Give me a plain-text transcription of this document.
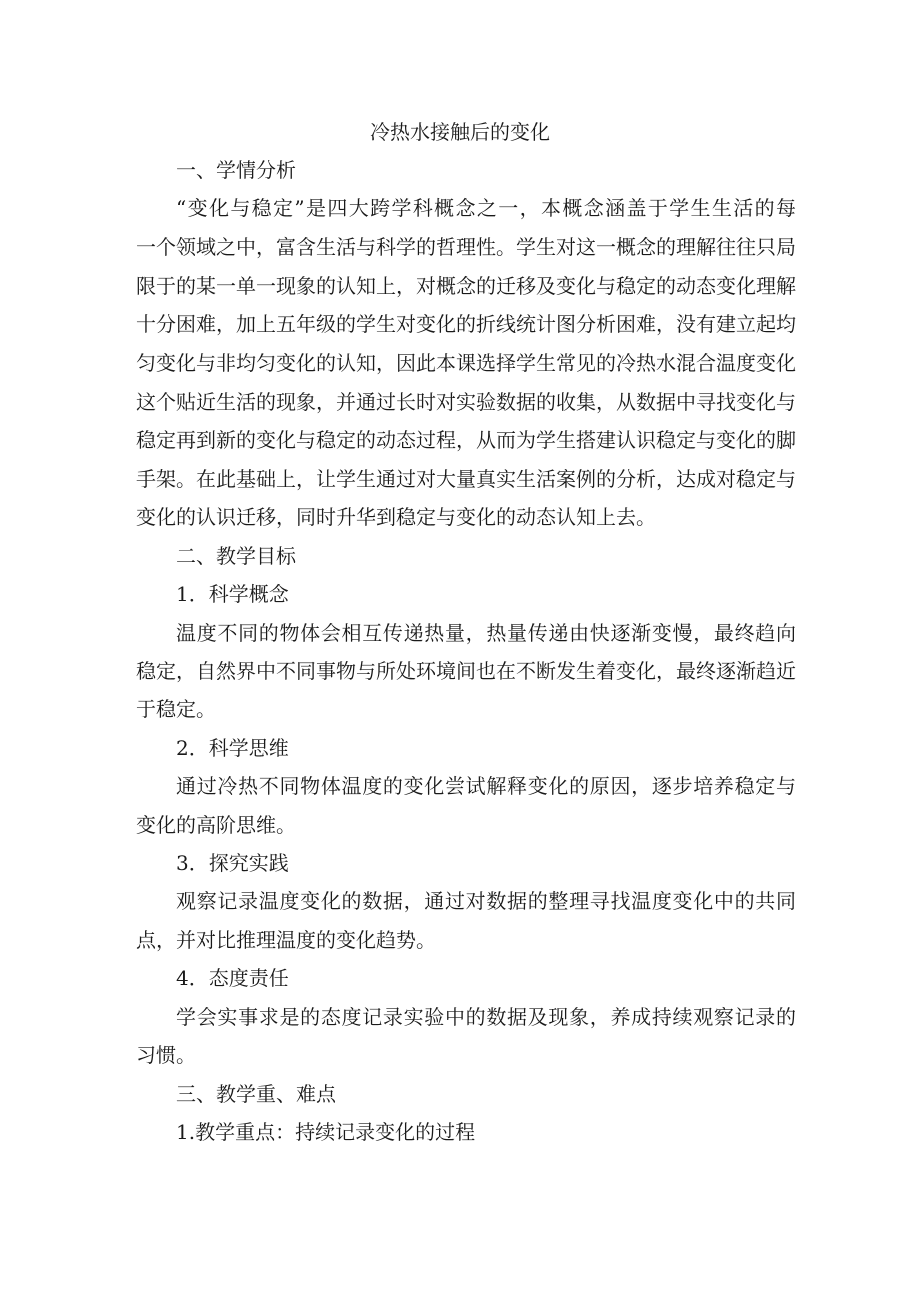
冷热水接触后的变化
一、学情分析

“变化与稳定”是四大跨学科概念之一，本概念涵盖于学生生活的每

一个领域之中，富含生活与科学的哲理性。学生对这一概念的理解往往只局

限于的某一单一现象的认知上，对概念的迁移及变化与稳定的动态变化理解

十分困难，加上五年级的学生对变化的折线统计图分析困难，没有建立起均

匀变化与非均匀变化的认知，因此本课选择学生常见的冷热水混合温度变化

这个贴近生活的现象，并通过长时对实验数据的收集，从数据中寻找变化与

稳定再到新的变化与稳定的动态过程，从而为学生搭建认识稳定与变化的脚

手架。在此基础上，让学生通过对大量真实生活案例的分析，达成对稳定与

变化的认识迁移，同时升华到稳定与变化的动态认知上去。

二、教学目标
1．科学概念

温度不同的物体会相互传递热量，热量传递由快逐渐变慢，最终趋向

稳定，自然界中不同事物与所处环境间也在不断发生着变化，最终逐渐趋近

于稳定。

2．科学思维

通过冷热不同物体温度的变化尝试解释变化的原因，逐步培养稳定与

变化的高阶思维。

3．探究实践

观察记录温度变化的数据，通过对数据的整理寻找温度变化中的共同

点，并对比推理温度的变化趋势。

4．态度责任

学会实事求是的态度记录实验中的数据及现象，养成持续观察记录的

习惯。

三、教学重、难点

1.教学重点：持续记录变化的过程
